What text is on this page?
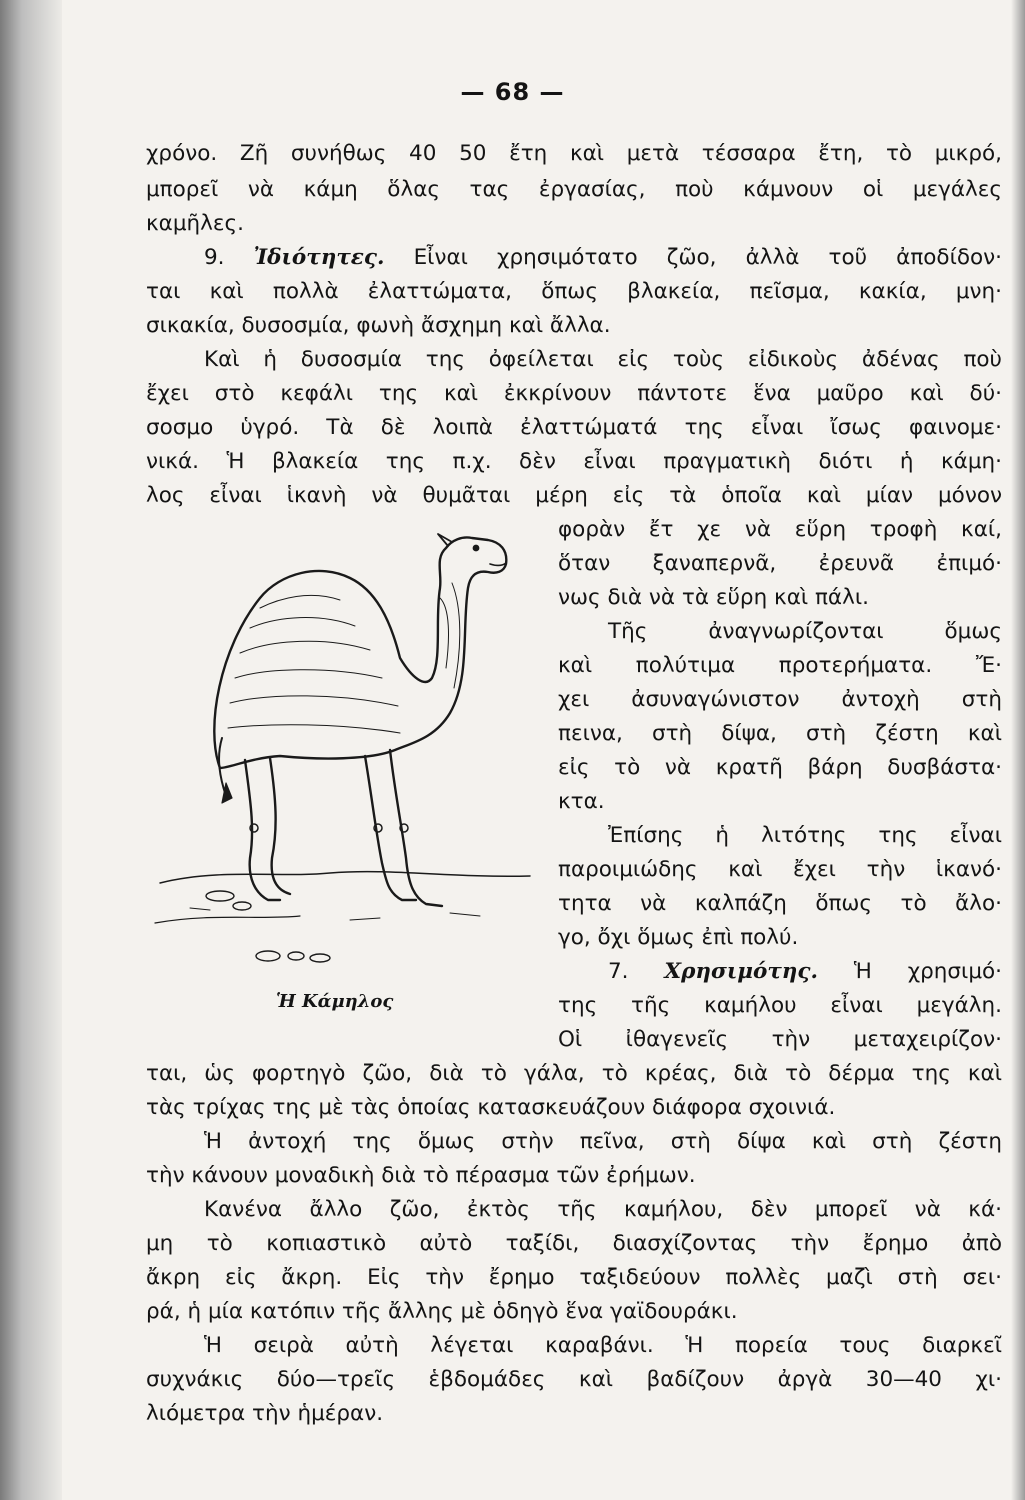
— 68 —
χρόνο. Ζῆ συνήθως 40 50 ἔτη καὶ μετὰ τέσσαρα ἔτη, τὸ μικρό,
μπορεῖ νὰ κάμη ὅλας τας ἐργασίας, ποὺ κάμνουν οἱ μεγάλες
καμῆλες.
9. Ἰδιότητες. Εἶναι χρησιμότατο ζῶο, ἀλλὰ τοῦ ἀποδίδον·
ται καὶ πολλὰ ἐλαττώματα, ὅπως βλακεία, πεῖσμα, κακία, μνη·
σικακία, δυσοσμία, φωνὴ ἄσχημη καὶ ἄλλα.
Καὶ ἡ δυσοσμία της ὀφείλεται εἰς τοὺς εἰδικοὺς ἀδένας ποὺ
ἔχει στὸ κεφάλι της καὶ ἐκκρίνουν πάντοτε ἕνα μαῦρο καὶ δύ·
σοσμο ὑγρό. Τὰ δὲ λοιπὰ ἐλαττώματά της εἶναι ἴσως φαινομε·
νικά. Ἡ βλακεία της π.χ. δὲν εἶναι πραγματικὴ διότι ἡ κάμη·
λος εἶναι ἱκανὴ νὰ θυμᾶται μέρη εἰς τὰ ὁποῖα καὶ μίαν μόνον
φορὰν ἔτ χε νὰ εὕρη τροφὴ καί,
ὅταν ξαναπερνᾶ, ἐρευνᾶ ἐπιμό·
νως διὰ νὰ τὰ εὕρη καὶ πάλι.
Τῆς ἀναγνωρίζονται ὅμως
καὶ πολύτιμα προτερήματα. Ἔ·
χει ἀσυναγώνιστον ἀντοχὴ στὴ
πεινα, στὴ δίψα, στὴ ζέστη καὶ
εἰς τὸ νὰ κρατῆ βάρη δυσβάστα·
κτα.
Ἐπίσης ἡ λιτότης της εἶναι
παροιμιώδης καὶ ἔχει τὴν ἱκανό·
τητα νὰ καλπάζη ὅπως τὸ ἄλο·
γο, ὄχι ὅμως ἐπὶ πολύ.
7. Χρησιμότης. Ἡ χρησιμό·
της τῆς καμήλου εἶναι μεγάλη.
Οἱ ἰθαγενεῖς τὴν μεταχειρίζον·
Ἡ Κάμηλος
ται, ὡς φορτηγὸ ζῶο, διὰ τὸ γάλα, τὸ κρέας, διὰ τὸ δέρμα της καὶ
τὰς τρίχας της μὲ τὰς ὁποίας κατασκευάζουν διάφορα σχοινιά.
Ἡ ἀντοχή της ὅμως στὴν πεῖνα, στὴ δίψα καὶ στὴ ζέστη
τὴν κάνουν μοναδικὴ διὰ τὸ πέρασμα τῶν ἐρήμων.
Κανένα ἄλλο ζῶο, ἐκτὸς τῆς καμήλου, δὲν μπορεῖ νὰ κά·
μη τὸ κοπιαστικὸ αὐτὸ ταξίδι, διασχίζοντας τὴν ἔρημο ἀπὸ
ἄκρη εἰς ἄκρη. Εἰς τὴν ἔρημο ταξιδεύουν πολλὲς μαζὶ στὴ σει·
ρά, ἡ μία κατόπιν τῆς ἄλλης μὲ ὁδηγὸ ἕνα γαϊδουράκι.
Ἡ σειρὰ αὐτὴ λέγεται καραβάνι. Ἡ πορεία τους διαρκεῖ
συχνάκις δύο—τρεῖς ἑβδομάδες καὶ βαδίζουν ἀργὰ 30—40 χι·
λιόμετρα τὴν ἡμέραν.
